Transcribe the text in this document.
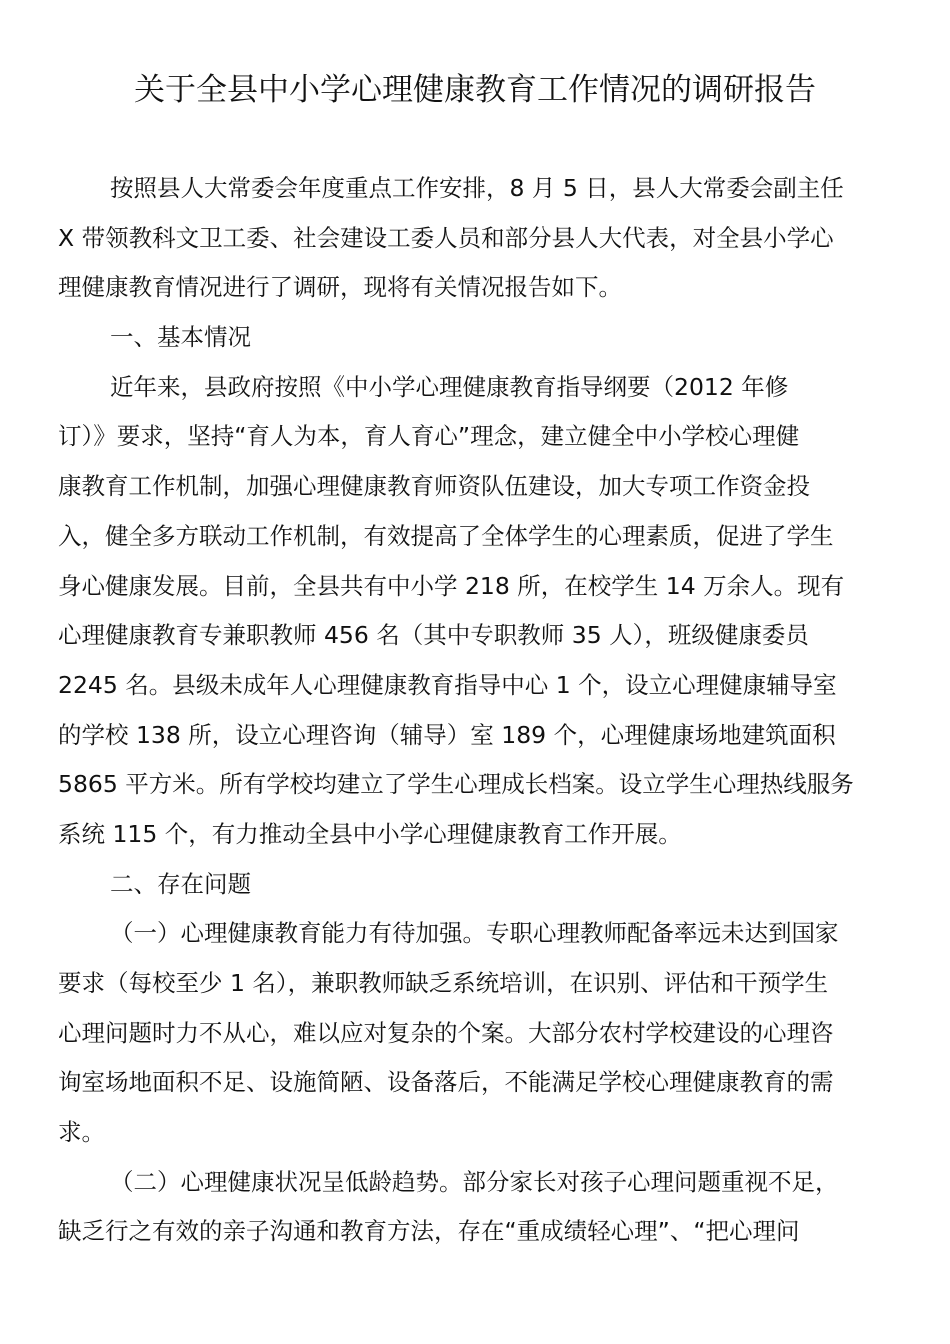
关于全县中小学心理健康教育工作情况的调研报告
按照县人大常委会年度重点工作安排，8 月 5 日，县人大常委会副主任
X 带领教科文卫工委、社会建设工委人员和部分县人大代表，对全县小学心
理健康教育情况进行了调研，现将有关情况报告如下。
一、基本情况
近年来，县政府按照《中小学心理健康教育指导纲要（2012 年修
订）》要求，坚持“育人为本，育人育心”理念，建立健全中小学校心理健
康教育工作机制，加强心理健康教育师资队伍建设，加大专项工作资金投
入，健全多方联动工作机制，有效提高了全体学生的心理素质，促进了学生
身心健康发展。目前，全县共有中小学 218 所，在校学生 14 万余人。现有
心理健康教育专兼职教师 456 名（其中专职教师 35 人），班级健康委员
2245 名。县级未成年人心理健康教育指导中心 1 个，设立心理健康辅导室
的学校 138 所，设立心理咨询（辅导）室 189 个，心理健康场地建筑面积
5865 平方米。所有学校均建立了学生心理成长档案。设立学生心理热线服务
系统 115 个，有力推动全县中小学心理健康教育工作开展。
二、存在问题
（一）心理健康教育能力有待加强。专职心理教师配备率远未达到国家
要求（每校至少 1 名），兼职教师缺乏系统培训，在识别、评估和干预学生
心理问题时力不从心，难以应对复杂的个案。大部分农村学校建设的心理咨
询室场地面积不足、设施简陋、设备落后，不能满足学校心理健康教育的需
求。
（二）心理健康状况呈低龄趋势。部分家长对孩子心理问题重视不足，
缺乏行之有效的亲子沟通和教育方法，存在“重成绩轻心理”、“把心理问
